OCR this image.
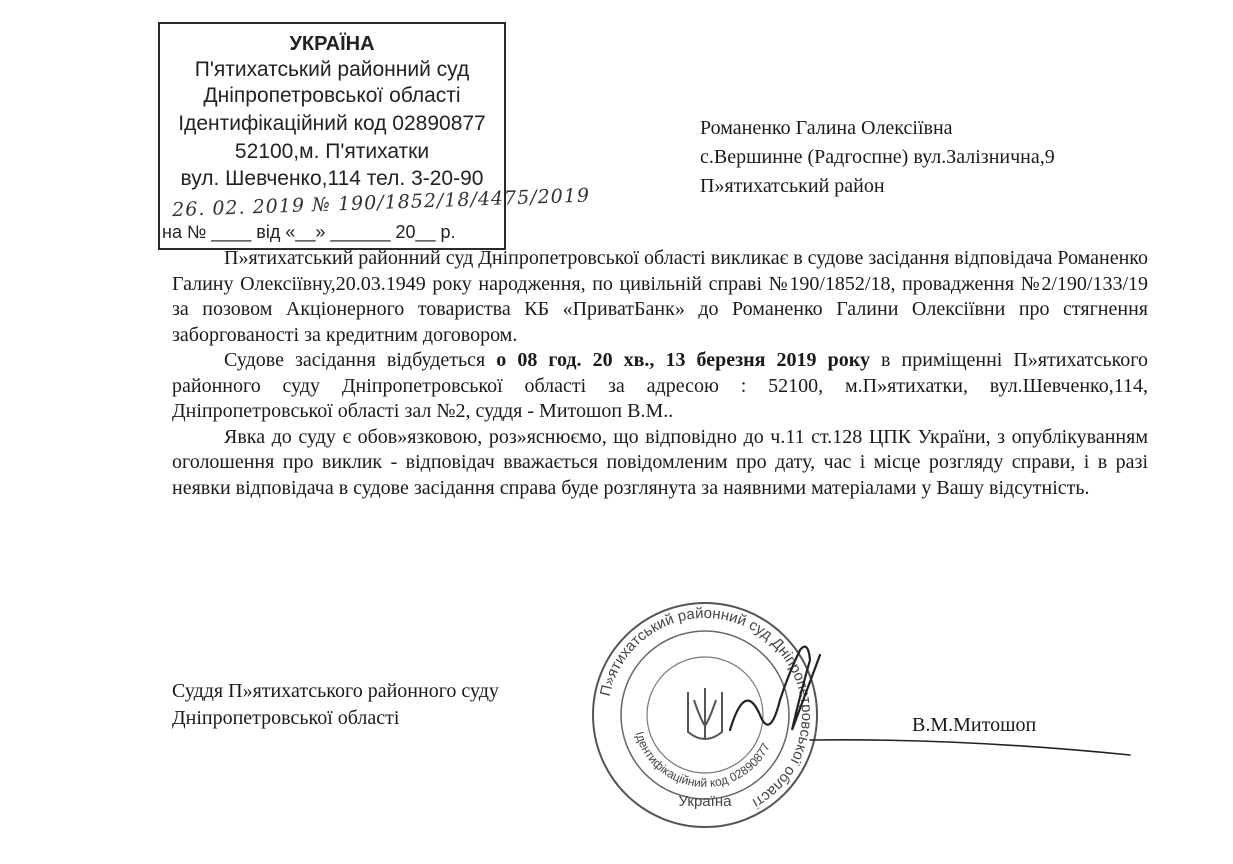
УКРАЇНА
П'ятихатський районний суд
Дніпропетровської області
Ідентифікаційний код 02890877
52100,м. П'ятихатки
вул. Шевченко,114 тел. 3-20-90
26. 02. 2019 № 190/1852/18/4475/2019
на № ____ від «__» ______ 20__ р.
Романенко Галина Олексіївна
с.Вершинне (Радгоспне) вул.Залізнична,9
П»ятихатський район

П»ятихатський районний суд Дніпропетровської області викликає в судове засідання відповідача Романенко Галину Олексіївну,20.03.1949 року народження, по цивільній справі №190/1852/18, провадження №2/190/133/19 за позовом Акціонерного товариства КБ «ПриватБанк» до Романенко Галини Олексіївни про стягнення заборгованості за кредитним договором.

Судове засідання відбудеться о 08 год. 20 хв., 13 березня 2019 року в приміщенні П»ятихатського районного суду Дніпропетровської області за адресою : 52100, м.П»ятихатки, вул.Шевченко,114, Дніпропетровської області зал №2, суддя - Митошоп В.М..

Явка до суду є обов»язковою, роз»яснюємо, що відповідно до ч.11 ст.128 ЦПК України, з опублікуванням оголошення про виклик - відповідач вважається повідомленим про дату, час і місце розгляду справи, і в разі неявки відповідача в судове засідання справа буде розглянута за наявними матеріалами у Вашу відсутність.

Суддя П»ятихатського районного суду
Дніпропетровської області
П»ятихатський районний суд Дніпропетровської області
Ідентифікаційний код 02890877
Україна
В.М.Митошоп
